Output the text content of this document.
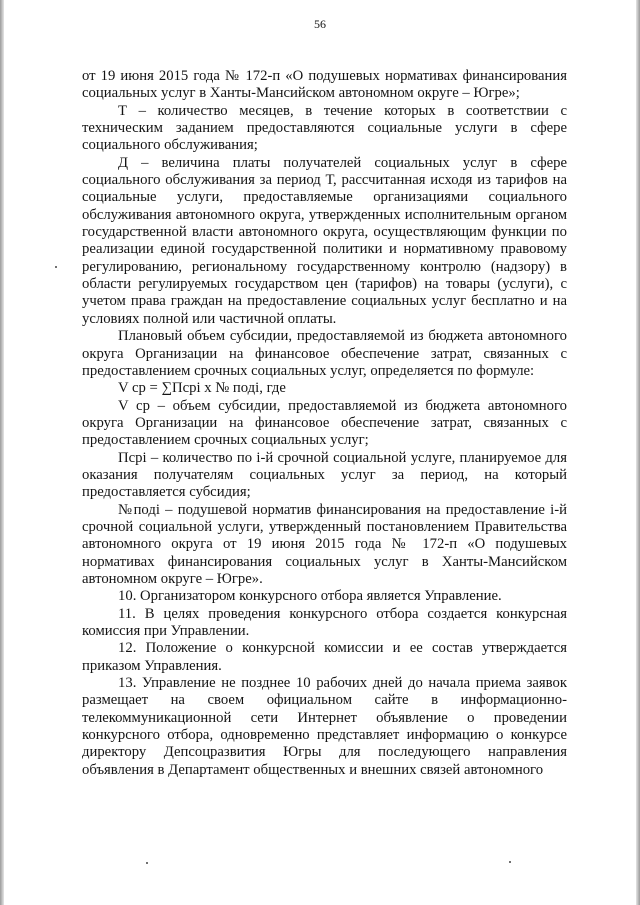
56

от 19 июня 2015 года № 172-п «О подушевых нормативах финансирования социальных услуг в Ханты-Мансийском автономном округе – Югре»;

Т – количество месяцев, в течение которых в соответствии с техническим заданием предоставляются социальные услуги в сфере социального обслуживания;

Д – величина платы получателей социальных услуг в сфере социального обслуживания за период Т, рассчитанная исходя из тарифов на социальные услуги, предоставляемые организациями социального обслуживания автономного округа, утвержденных исполнительным органом государственной власти автономного округа, осуществляющим функции по реализации единой государственной политики и нормативному правовому регулированию, региональному государственному контролю (надзору) в области регулируемых государством цен (тарифов) на товары (услуги), с учетом права граждан на предоставление социальных услуг бесплатно и на условиях полной или частичной оплаты.

Плановый объем субсидии, предоставляемой из бюджета автономного округа Организации на финансовое обеспечение затрат, связанных с предоставлением срочных социальных услуг, определяется по формуле:

V ср = ∑Псрi х № подi, где

V ср – объем субсидии, предоставляемой из бюджета автономного округа Организации на финансовое обеспечение затрат, связанных с предоставлением срочных социальных услуг;

Псрi – количество по i-й срочной социальной услуге, планируемое для оказания получателям социальных услуг за период, на который предоставляется субсидия;

№подi – подушевой норматив финансирования на предоставление i-й срочной социальной услуги, утвержденный постановлением Правительства автономного округа от 19 июня 2015 года № 172-п «О подушевых нормативах финансирования социальных услуг в Ханты-Мансийском автономном округе – Югре».

10. Организатором конкурсного отбора является Управление.

11. В целях проведения конкурсного отбора создается конкурсная комиссия при Управлении.

12. Положение о конкурсной комиссии и ее состав утверждается приказом Управления.

13. Управление не позднее 10 рабочих дней до начала приема заявок размещает на своем официальном сайте в информационно-телекоммуникационной сети Интернет объявление о проведении конкурсного отбора, одновременно представляет информацию о конкурсе директору Депсоцразвития Югры для последующего направления объявления в Департамент общественных и внешних связей автономного
